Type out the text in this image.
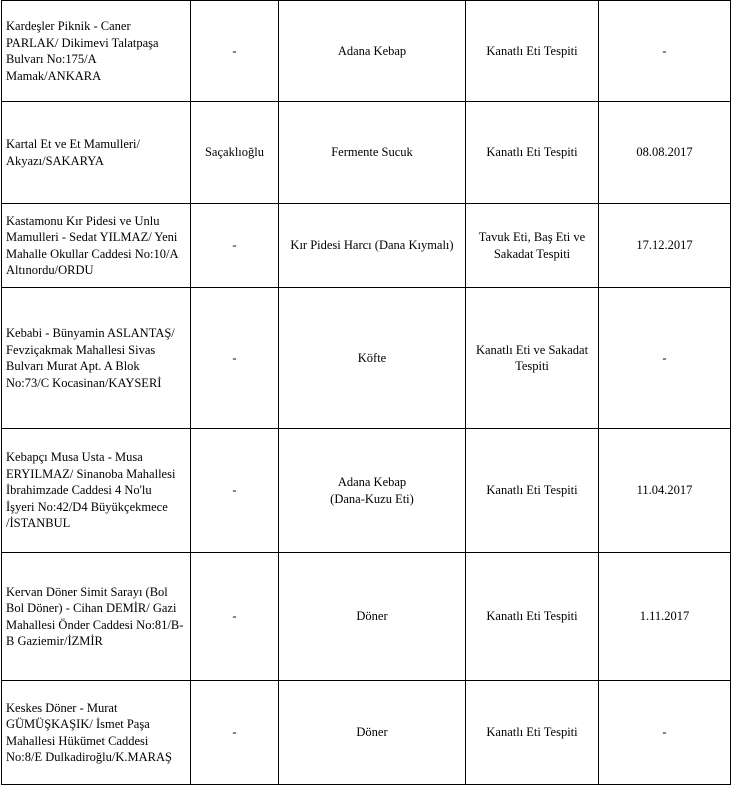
Kardeşler Piknik - Caner
PARLAK/ Dikimevi Talatpaşa
Bulvarı No:175/A
Mamak/ANKARA	-	Adana Kebap	Kanatlı Eti Tespiti	-
Kartal Et ve Et Mamulleri/
Akyazı/SAKARYA	Saçaklıoğlu	Fermente Sucuk	Kanatlı Eti Tespiti	08.08.2017
Kastamonu Kır Pidesi ve Unlu
Mamulleri - Sedat YILMAZ/ Yeni
Mahalle Okullar Caddesi No:10/A
Altınordu/ORDU	-	Kır Pidesi Harcı (Dana Kıymalı)	Tavuk Eti, Baş Eti ve
Sakadat Tespiti	17.12.2017
Kebabi - Bünyamin ASLANTAŞ/
Fevziçakmak Mahallesi Sivas
Bulvarı Murat Apt. A Blok
No:73/C Kocasinan/KAYSERİ	-	Köfte	Kanatlı Eti ve Sakadat
Tespiti	-
Kebapçı Musa Usta - Musa
ERYILMAZ/ Sinanoba Mahallesi
İbrahimzade Caddesi 4 No'lu
İşyeri No:42/D4 Büyükçekmece
/İSTANBUL	-	Adana Kebap
(Dana-Kuzu Eti)	Kanatlı Eti Tespiti	11.04.2017
Kervan Döner Simit Sarayı (Bol
Bol Döner) - Cihan DEMİR/ Gazi
Mahallesi Önder Caddesi No:81/B-
B Gaziemir/İZMİR	-	Döner	Kanatlı Eti Tespiti	1.11.2017
Keskes Döner - Murat
GÜMÜŞKAŞIK/ İsmet Paşa
Mahallesi Hükümet Caddesi
No:8/E Dulkadiroğlu/K.MARAŞ	-	Döner	Kanatlı Eti Tespiti	-
